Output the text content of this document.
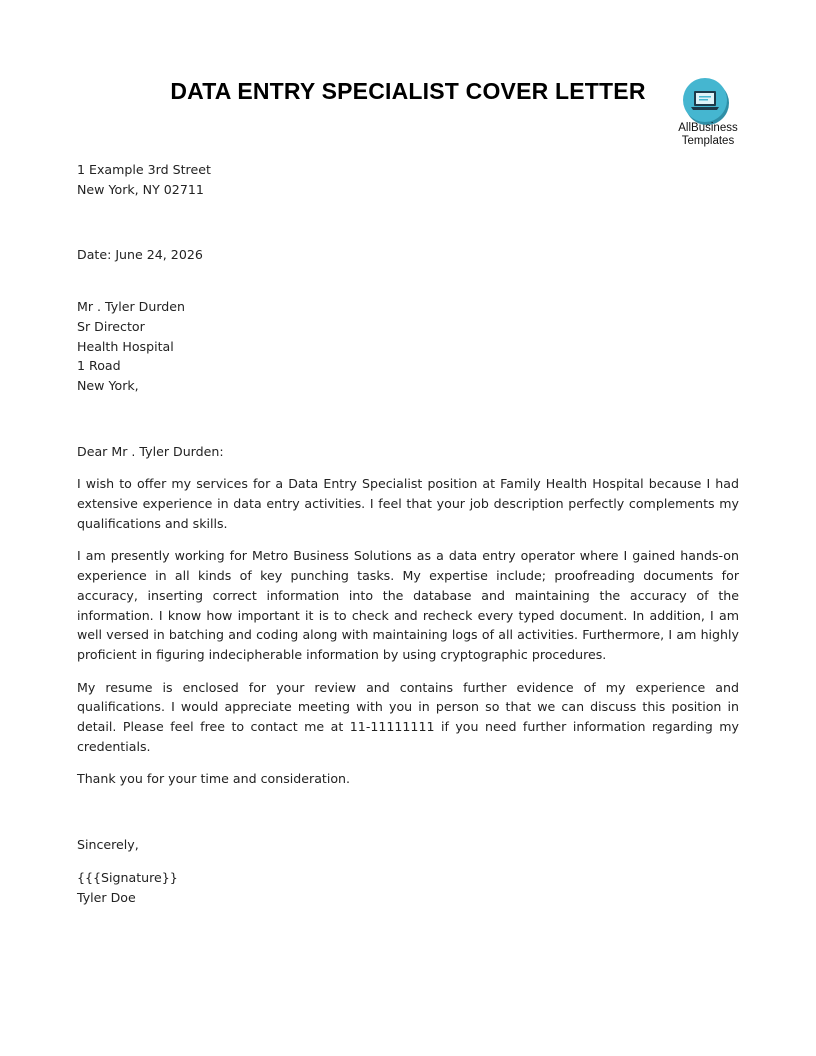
DATA ENTRY SPECIALIST COVER LETTER
AllBusiness
Templates
1 Example 3rd Street
New York, NY 02711
Date: June 24, 2026
Mr . Tyler Durden
Sr Director
Health Hospital
1 Road
New York,
Dear Mr . Tyler Durden:

I wish to offer my services for a Data Entry Specialist position at Family Health Hospital because I had extensive experience in data entry activities. I feel that your job description perfectly complements my qualifications and skills.

I am presently working for Metro Business Solutions as a data entry operator where I gained hands-on experience in all kinds of key punching tasks. My expertise include; proofreading documents for accuracy, inserting correct information into the database and maintaining the accuracy of the information. I know how important it is to check and recheck every typed document. In addition, I am well versed in batching and coding along with maintaining logs of all activities. Furthermore, I am highly proficient in figuring indecipherable information by using cryptographic procedures.

My resume is enclosed for your review and contains further evidence of my experience and qualifications. I would appreciate meeting with you in person so that we can discuss this position in detail. Please feel free to contact me at 11-11111111 if you need further information regarding my credentials.

Thank you for your time and consideration.

Sincerely,
{{{Signature}}
Tyler Doe
